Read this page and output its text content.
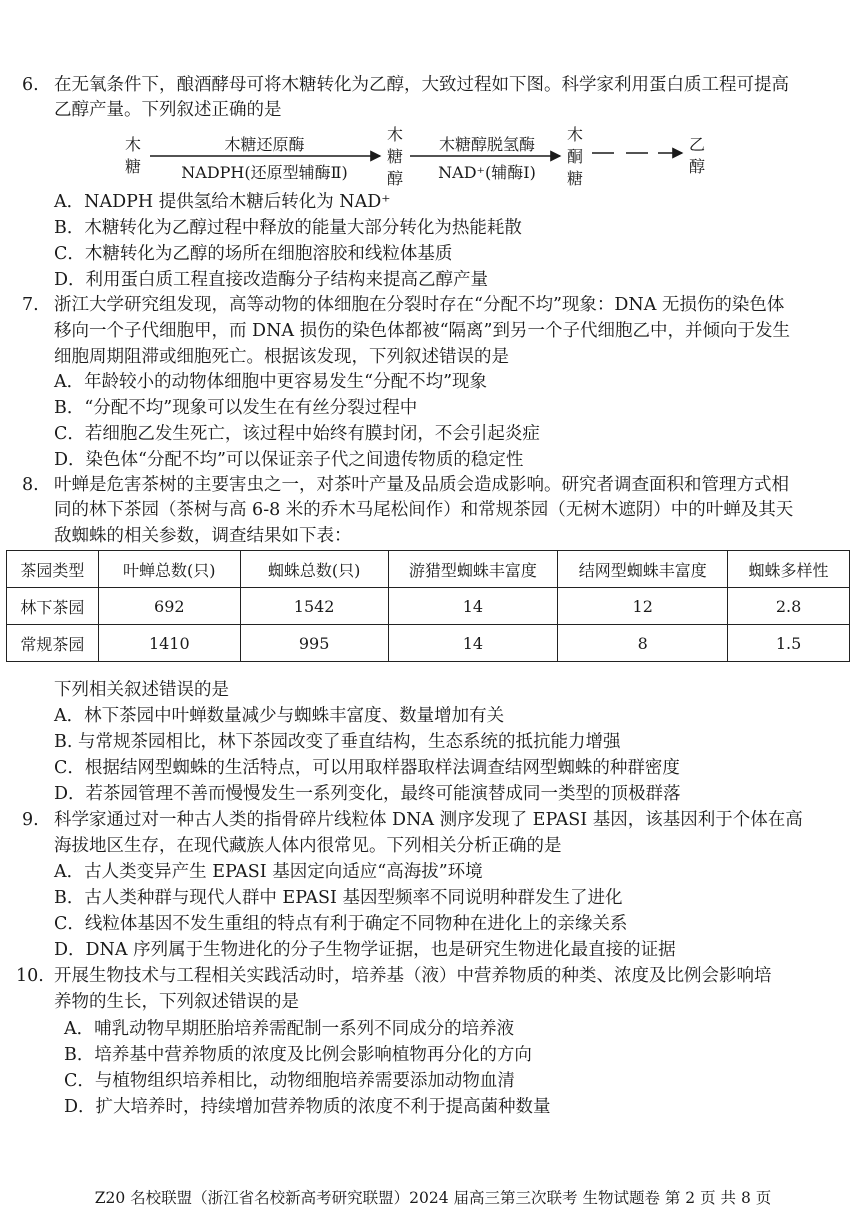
6. 在无氧条件下，酿酒酵母可将木糖转化为乙醇，大致过程如下图。科学家利用蛋白质工程可提高
乙醇产量。下列叙述正确的是
木糖
木糖还原酶
NADPH(还原型辅酶Ⅱ)
木糖醇
木糖醇脱氢酶
NAD⁺(辅酶Ⅰ)
木酮糖
乙醇
A．NADPH 提供氢给木糖后转化为 NAD⁺
B．木糖转化为乙醇过程中释放的能量大部分转化为热能耗散
C．木糖转化为乙醇的场所在细胞溶胶和线粒体基质
D．利用蛋白质工程直接改造酶分子结构来提高乙醇产量
7. 浙江大学研究组发现，高等动物的体细胞在分裂时存在“分配不均”现象：DNA 无损伤的染色体
移向一个子代细胞甲，而 DNA 损伤的染色体都被“隔离”到另一个子代细胞乙中，并倾向于发生
细胞周期阻滞或细胞死亡。根据该发现，下列叙述错误的是
A．年龄较小的动物体细胞中更容易发生“分配不均”现象
B．“分配不均”现象可以发生在有丝分裂过程中
C．若细胞乙发生死亡，该过程中始终有膜封闭，不会引起炎症
D．染色体“分配不均”可以保证亲子代之间遗传物质的稳定性
8. 叶蝉是危害茶树的主要害虫之一，对茶叶产量及品质会造成影响。研究者调查面积和管理方式相
同的林下茶园（茶树与高 6-8 米的乔木马尾松间作）和常规茶园（无树木遮阴）中的叶蝉及其天
敌蜘蛛的相关参数，调查结果如下表：
茶园类型	叶蝉总数(只)	蜘蛛总数(只)	游猎型蜘蛛丰富度	结网型蜘蛛丰富度	蜘蛛多样性
林下茶园	692	1542	14	12	2.8
常规茶园	1410	995	14	8	1.5
下列相关叙述错误的是
A．林下茶园中叶蝉数量减少与蜘蛛丰富度、数量增加有关
B. 与常规茶园相比，林下茶园改变了垂直结构，生态系统的抵抗能力增强
C．根据结网型蜘蛛的生活特点，可以用取样器取样法调查结网型蜘蛛的种群密度
D．若茶园管理不善而慢慢发生一系列变化，最终可能演替成同一类型的顶极群落
9. 科学家通过对一种古人类的指骨碎片线粒体 DNA 测序发现了 EPASI 基因，该基因利于个体在高
海拔地区生存，在现代藏族人体内很常见。下列相关分析正确的是
A．古人类变异产生 EPASI 基因定向适应“高海拔”环境
B．古人类种群与现代人群中 EPASI 基因型频率不同说明种群发生了进化
C．线粒体基因不发生重组的特点有利于确定不同物种在进化上的亲缘关系
D．DNA 序列属于生物进化的分子生物学证据，也是研究生物进化最直接的证据
10. 开展生物技术与工程相关实践活动时，培养基（液）中营养物质的种类、浓度及比例会影响培
养物的生长，下列叙述错误的是
A．哺乳动物早期胚胎培养需配制一系列不同成分的培养液
B．培养基中营养物质的浓度及比例会影响植物再分化的方向
C．与植物组织培养相比，动物细胞培养需要添加动物血清
D．扩大培养时，持续增加营养物质的浓度不利于提高菌种数量
Z20 名校联盟（浙江省名校新高考研究联盟）2024 届高三第三次联考 生物试题卷 第 2 页 共 8 页
